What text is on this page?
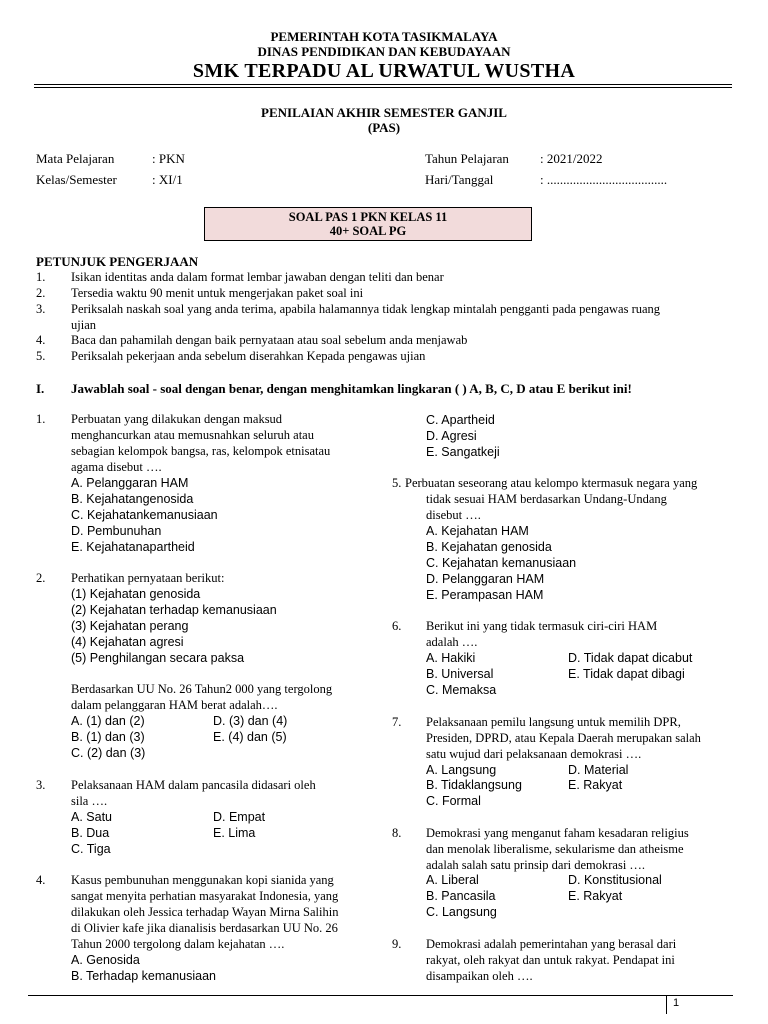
PEMERINTAH KOTA TASIKMALAYA
DINAS PENDIDIKAN DAN KEBUDAYAAN
SMK TERPADU AL URWATUL WUSTHA
PENILAIAN AKHIR SEMESTER GANJIL
(PAS)
Mata Pelajaran	: PKN
Kelas/Semester	: XI/1
Tahun Pelajaran : 2021/2022
Hari/Tanggal	: .....................................
SOAL PAS 1 PKN KELAS 11
40+ SOAL PG
PETUNJUK PENGERJAAN
1. Isikan identitas anda dalam format lembar jawaban dengan teliti dan benar
2. Tersedia waktu 90 menit untuk mengerjakan paket soal ini
3. Periksalah naskah soal yang anda terima, apabila halamannya tidak lengkap mintalah pengganti pada pengawas ruang
ujian
4. Baca dan pahamilah dengan baik pernyataan atau soal sebelum anda menjawab
5. Periksalah pekerjaan anda sebelum diserahkan Kepada pengawas ujian
I. Jawablah soal - soal dengan benar, dengan menghitamkan lingkaran ( ) A, B, C, D atau E berikut ini!
1. Perbuatan yang dilakukan dengan maksud
menghancurkan atau memusnahkan seluruh atau
sebagian kelompok bangsa, ras, kelompok etnisatau
agama disebut ….
A. Pelanggaran HAM
B. Kejahatangenosida
C. Kejahatankemanusiaan
D. Pembunuhan
E. Kejahatanapartheid
2. Perhatikan pernyataan berikut:
(1) Kejahatan genosida
(2) Kejahatan terhadap kemanusiaan
(3) Kejahatan perang
(4) Kejahatan agresi
(5) Penghilangan secara paksa
Berdasarkan UU No. 26 Tahun2 000 yang tergolong
dalam pelanggaran HAM berat adalah….
A. (1) dan (2)	D. (3) dan (4)
B. (1) dan (3)	E. (4) dan (5)
C. (2) dan (3)
3. Pelaksanaan HAM dalam pancasila didasari oleh
sila ….
A. Satu	D. Empat
B. Dua	E. Lima
C. Tiga
4. Kasus pembunuhan menggunakan kopi sianida yang
sangat menyita perhatian masyarakat Indonesia, yang
dilakukan oleh Jessica terhadap Wayan Mirna Salihin
di Olivier kafe jika dianalisis berdasarkan UU No. 26
Tahun 2000 tergolong dalam kejahatan ….
A. Genosida
B. Terhadap kemanusiaan
C. Apartheid
D. Agresi
E. Sangatkeji
5. Perbuatan seseorang atau kelompo ktermasuk negara yang
tidak sesuai HAM berdasarkan Undang-Undang
disebut ….
A. Kejahatan HAM
B. Kejahatan genosida
C. Kejahatan kemanusiaan
D. Pelanggaran HAM
E. Perampasan HAM
6. Berikut ini yang tidak termasuk ciri-ciri HAM
adalah ….
A. Hakiki	D. Tidak dapat dicabut
B. Universal	E. Tidak dapat dibagi
C. Memaksa
7. Pelaksanaan pemilu langsung untuk memilih DPR,
Presiden, DPRD, atau Kepala Daerah merupakan salah
satu wujud dari pelaksanaan demokrasi ….
A. Langsung	D. Material
B. Tidaklangsung	E. Rakyat
C. Formal
8. Demokrasi yang menganut faham kesadaran religius
dan menolak liberalisme, sekularisme dan atheisme
adalah salah satu prinsip dari demokrasi ….
A. Liberal	D. Konstitusional
B. Pancasila	E. Rakyat
C. Langsung
9. Demokrasi adalah pemerintahan yang berasal dari
rakyat, oleh rakyat dan untuk rakyat. Pendapat ini
disampaikan oleh ….
1
